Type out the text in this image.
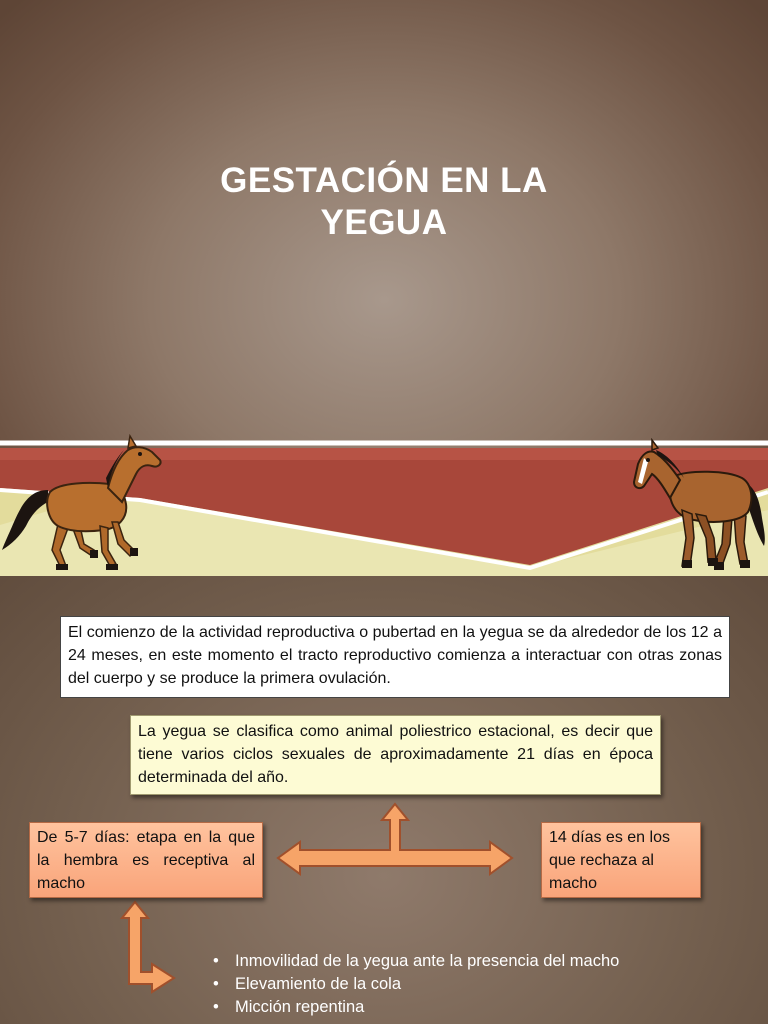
GESTACIÓN EN LA
YEGUA
El comienzo de la actividad reproductiva o pubertad en la yegua se da alrededor de los 12 a 24 meses, en este momento el tracto reproductivo comienza a interactuar con otras zonas del cuerpo y se produce la primera ovulación.
La yegua se clasifica como animal poliestrico estacional, es decir que tiene varios ciclos sexuales de aproximadamente 21 días en época determinada del año.
De 5-7 días: etapa en la que la hembra es receptiva al macho
14 días es en los que rechaza al macho
• Inmovilidad de la yegua ante la presencia del macho
• Elevamiento de la cola
• Micción repentina
